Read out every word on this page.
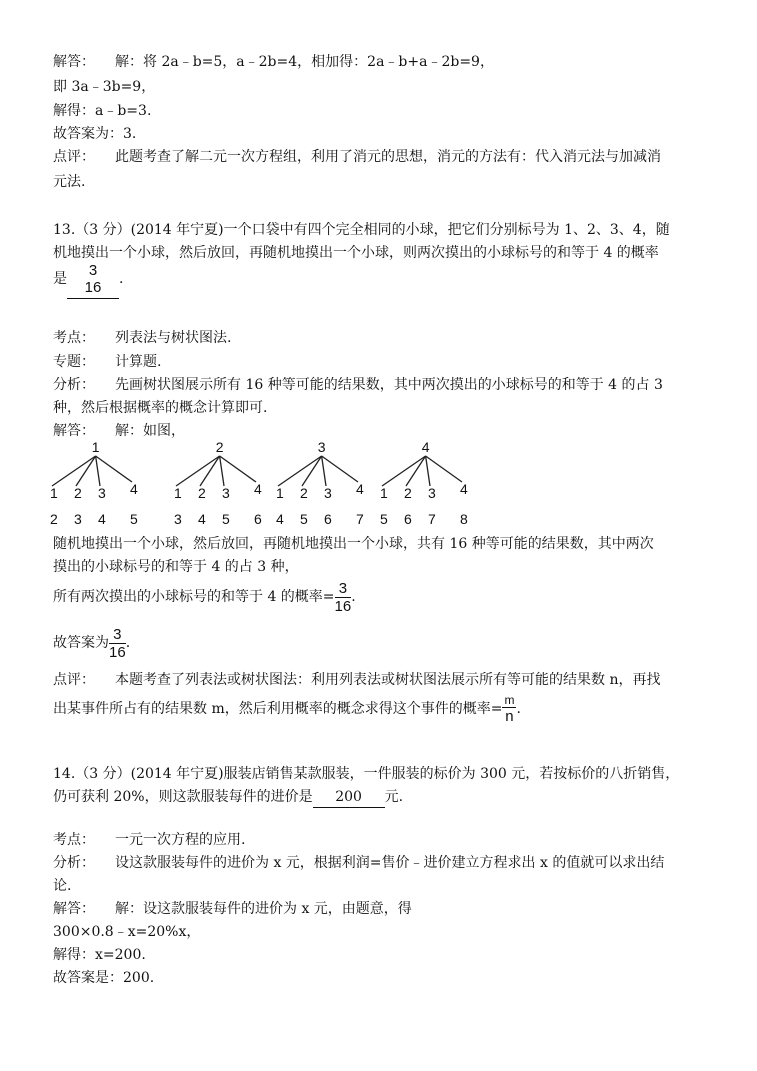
解答： 解：将 2a﹣b=5，a﹣2b=4，相加得：2a﹣b+a﹣2b=9，
即 3a﹣3b=9，
解得：a﹣b=3.
故答案为：3.
点评： 此题考查了解二元一次方程组，利用了消元的思想，消元的方法有：代入消元法与加减消
元法.
13.（3 分）(2014 年宁夏)一个口袋中有四个完全相同的小球，把它们分别标号为 1、2、3、4，随
机地摸出一个小球，然后放回，再随机地摸出一个小球，则两次摸出的小球标号的和等于 4 的概率
是 3
16 .
考点： 列表法与树状图法.
专题： 计算题.
分析： 先画树状图展示所有 16 种等可能的结果数，其中两次摸出的小球标号的和等于 4 的占 3
种，然后根据概率的概念计算即可.
解答： 解：如图，
1
1
2
2
3
3
4
4
5
2
1
3
2
4
3
5
4
6
3
1
4
2
5
3
6
4
7
4
1
5
2
6
3
7
4
8
随机地摸出一个小球，然后放回，再随机地摸出一个小球，共有 16 种等可能的结果数，其中两次
摸出的小球标号的和等于 4 的占 3 种，
所有两次摸出的小球标号的和等于 4 的概率= $\frac{3}{16}$ .
故答案为 $\frac{3}{16}$ .
点评： 本题考查了列表法或树状图法：利用列表法或树状图法展示所有等可能的结果数 n，再找
出某事件所占有的结果数 m，然后利用概率的概念求得这个事件的概率= $\frac{m}{n}$ .
14.（3 分）(2014 年宁夏)服装店销售某款服装，一件服装的标价为 300 元，若按标价的八折销售，
仍可获利 20%，则这款服装每件的进价是 200 元.
考点： 一元一次方程的应用.
分析： 设这款服装每件的进价为 x 元，根据利润=售价﹣进价建立方程求出 x 的值就可以求出结
论.
解答： 解：设这款服装每件的进价为 x 元，由题意，得
300×0.8﹣x=20%x，
解得：x=200.
故答案是：200.
